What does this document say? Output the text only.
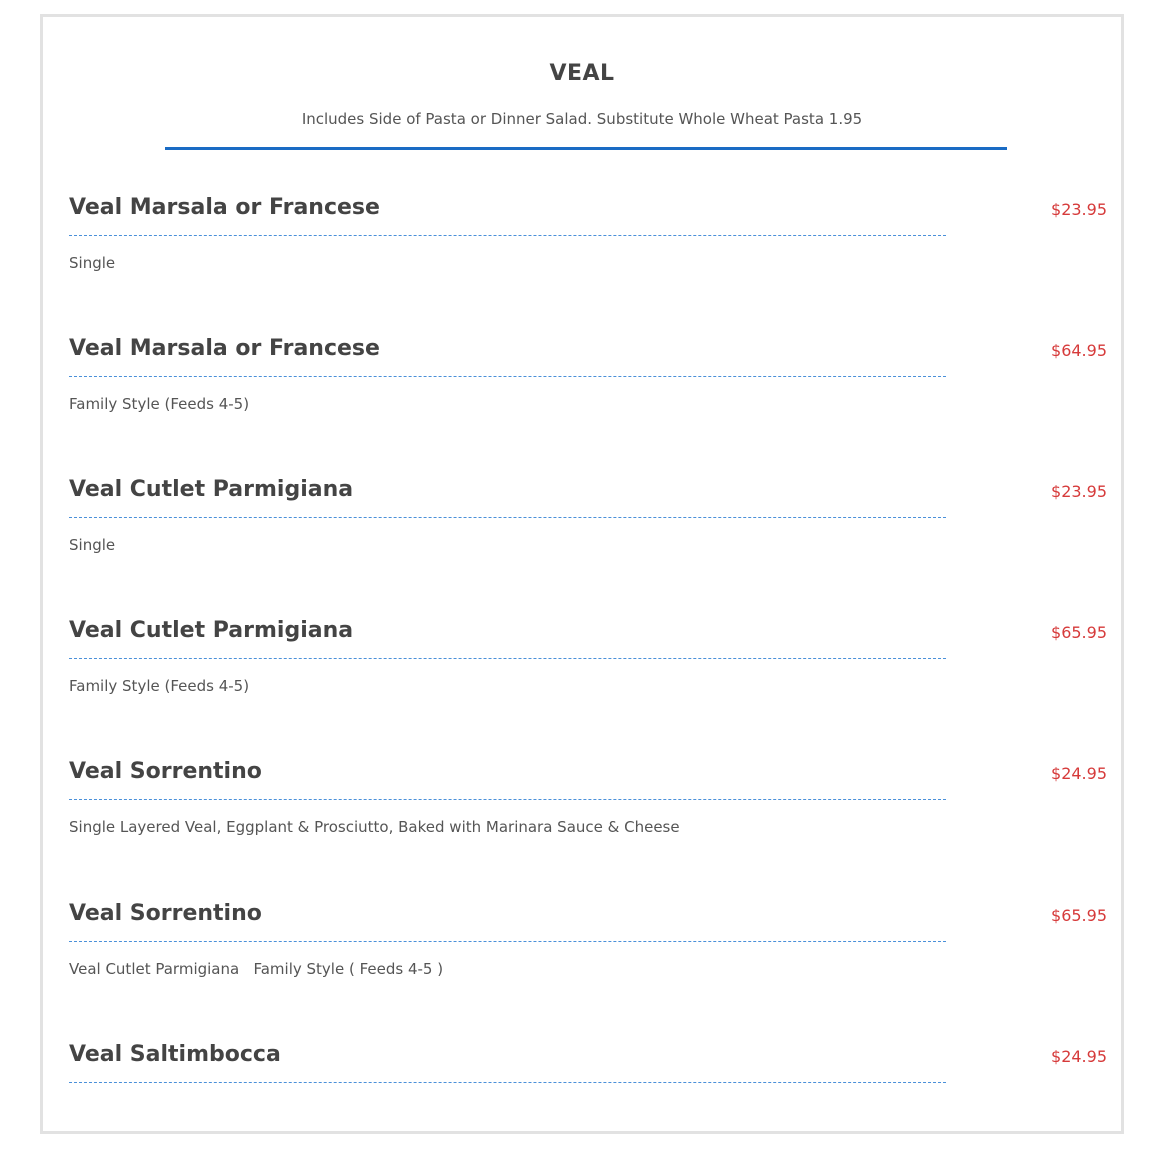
VEAL

Includes Side of Pasta or Dinner Salad. Substitute Whole Wheat Pasta 1.95

Veal Marsala or Francese	$23.95
Single
Veal Marsala or Francese	$64.95
Family Style (Feeds 4-5)
Veal Cutlet Parmigiana	$23.95
Single
Veal Cutlet Parmigiana	$65.95
Family Style (Feeds 4-5)
Veal Sorrentino	$24.95
Single Layered Veal, Eggplant & Prosciutto, Baked with Marinara Sauce & Cheese
Veal Sorrentino	$65.95
Veal Cutlet Parmigiana   Family Style ( Feeds 4-5 )
Veal Saltimbocca	$24.95
